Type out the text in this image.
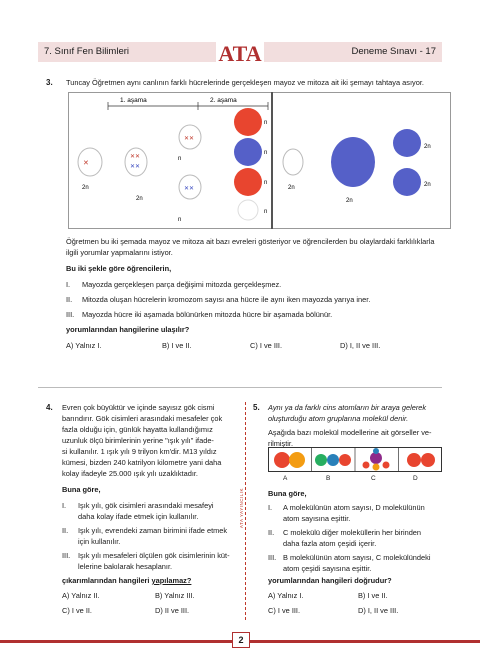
7. Sınıf Fen Bilimleri	Deneme Sınavı - 17
ATA
3. Tuncay Öğretmen aynı canlının farklı hücrelerinde gerçekleşen mayoz ve mitoza ait iki şemayı tahtaya asıyor.
1. aşama	2. aşama
✕
2n
✕✕
✕✕
2n
✕✕
n
✕✕
n
n
n
n
n
2n
2n
2n
2n
Öğretmen bu iki şemada mayoz ve mitoza ait bazı evreleri gösteriyor ve öğrencilerden bu olaylardaki farklılıklarla
ilgili yorumlar yapmalarını istiyor.
Bu iki şekle göre öğrencilerin,
I. Mayozda gerçekleşen parça değişimi mitozda gerçekleşmez.
II. Mitozda oluşan hücrelerin kromozom sayısı ana hücre ile aynı iken mayozda yarıya iner.
III. Mayozda hücre iki aşamada bölünürken mitozda hücre bir aşamada bölünür.
yorumlarından hangilerine ulaşılır?
A) Yalnız I.	B) I ve II.	C) I ve III.	D) I, II ve III.
4. Evren çok büyüktür ve içinde sayısız gök cismi
barındırır. Gök cisimleri arasındaki mesafeler çok
fazla olduğu için, günlük hayatta kullandığımız
uzunluk ölçü birimlerinin yerine "ışık yılı" ifade-
si kullanılır. 1 ışık yılı 9 trilyon km'dir. M13 yıldız
kümesi, bizden 240 katrilyon kilometre yani daha
kolay ifadeyle 25.000 ışık yılı uzaklıktadır.
Buna göre,
I. Işık yılı, gök cisimleri arasındaki mesafeyi
daha kolay ifade etmek için kullanılır.
II. Işık yılı, evrendeki zaman birimini ifade etmek
için kullanılır.
III. Işık yılı mesafeleri ölçülen gök cisimlerinin küt-
lelerine bakılarak hesaplanır.
çıkarımlarından hangileri yapılamaz?
A) Yalnız II.	B) Yalnız III.
C) I ve II.	D) II ve III.
ATA YAYINCILIK
5. Aynı ya da farklı cins atomların bir araya gelerek
oluşturduğu atom gruplarına molekül denir.
Aşağıda bazı molekül modellerine ait görseller ve-
rilmiştir.
A	B	C	D
Buna göre,
I. A molekülünün atom sayısı, D molekülünün
atom sayısına eşittir.
II. C molekülü diğer moleküllerin her birinden
daha fazla atom çeşidi içerir.
III. B molekülünün atom sayısı, C molekülündeki
atom çeşidi sayısına eşittir.
yorumlarından hangileri doğrudur?
A) Yalnız I.	B) I ve II.
C) I ve III.	D) I, II ve III.
2
